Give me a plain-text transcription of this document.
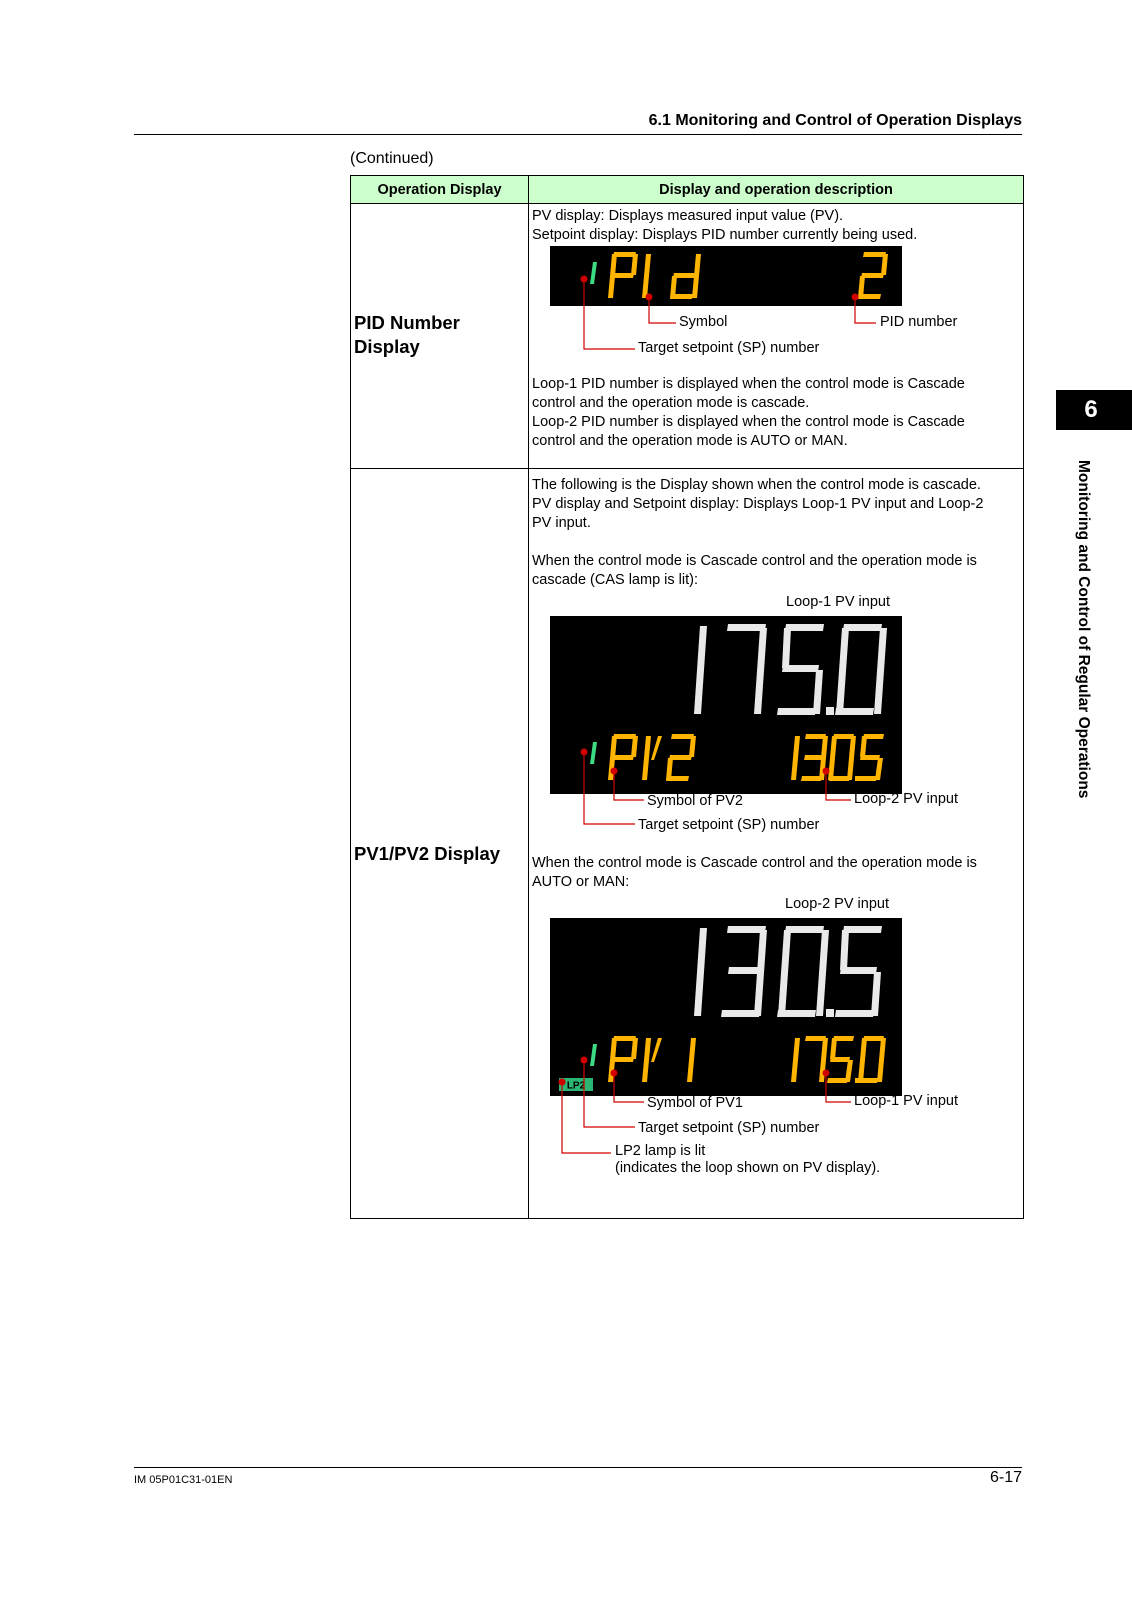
6.1 Monitoring and Control of Operation Displays
(Continued)
Operation Display	Display and operation description
PID Number
Display
PV display: Displays measured input value (PV).
Setpoint display: Displays PID number currently being used.
Symbol	PID number
Target setpoint (SP) number
Loop-1 PID number is displayed when the control mode is Cascade
control and the operation mode is cascade.
Loop-2 PID number is displayed when the control mode is Cascade
control and the operation mode is AUTO or MAN.
PV1/PV2 Display
The following is the Display shown when the control mode is cascade.
PV display and Setpoint display: Displays Loop-1 PV input and Loop-2
PV input.
When the control mode is Cascade control and the operation mode is
cascade (CAS lamp is lit):
Loop-1 PV input
Symbol of PV2	Loop-2 PV input
Target setpoint (SP) number
When the control mode is Cascade control and the operation mode is
AUTO or MAN:
Loop-2 PV input
LP2
Symbol of PV1	Loop-1 PV input
Target setpoint (SP) number
LP2 lamp is lit
(indicates the loop shown on PV display).
6
Monitoring and Control of Regular Operations
IM 05P01C31-01EN	6-17
